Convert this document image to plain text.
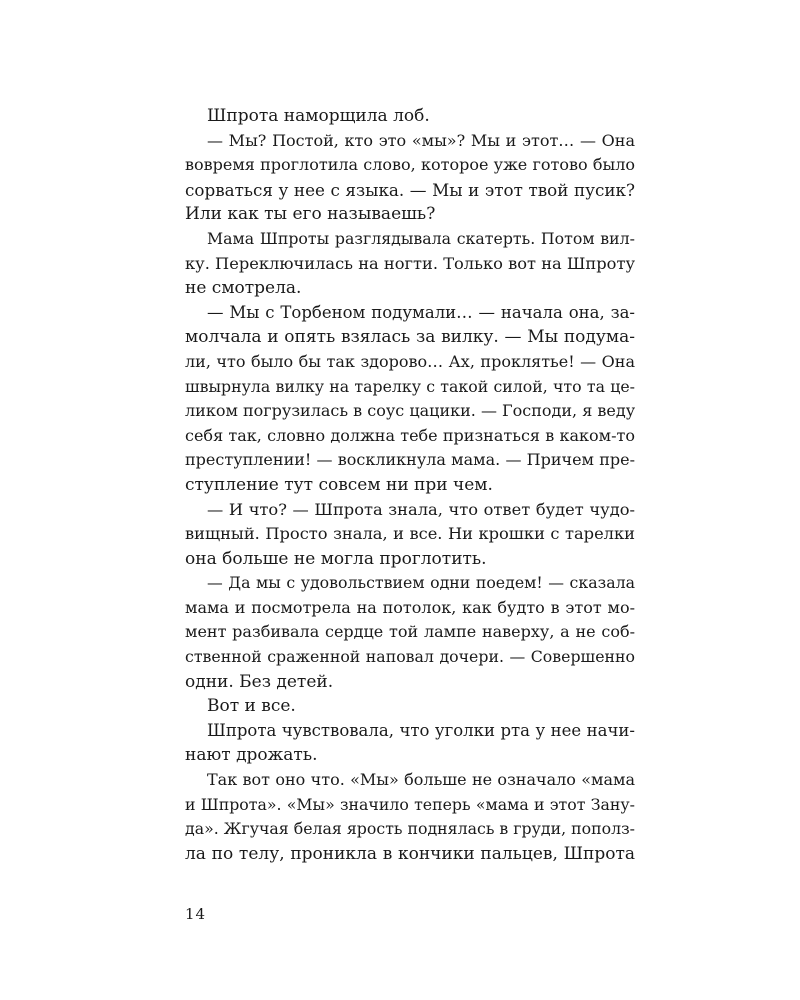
Шпрота наморщила лоб.
— Мы? Постой, кто это «мы»? Мы и этот… — Она
вовремя проглотила слово, которое уже готово было
сорваться у нее с языка. — Мы и этот твой пусик?
Или как ты его называешь?
Мама Шпроты разглядывала скатерть. Потом вил-
ку. Переключилась на ногти. Только вот на Шпроту
не смотрела.
— Мы с Торбеном подумали… — начала она, за-
молчала и опять взялась за вилку. — Мы подума-
ли, что было бы так здорово… Ах, проклятье! — Она
швырнула вилку на тарелку с такой силой, что та це-
ликом погрузилась в соус цацики. — Господи, я веду
себя так, словно должна тебе признаться в каком-то
преступлении! — воскликнула мама. — Причем пре-
ступление тут совсем ни при чем.
— И что? — Шпрота знала, что ответ будет чудо-
вищный. Просто знала, и все. Ни крошки с тарелки
она больше не могла проглотить.
— Да мы с удовольствием одни поедем! — сказала
мама и посмотрела на потолок, как будто в этот мо-
мент разбивала сердце той лампе наверху, а не соб-
ственной сраженной наповал дочери. — Совершенно
одни. Без детей.
Вот и все.
Шпрота чувствовала, что уголки рта у нее начи-
нают дрожать.
Так вот оно что. «Мы» больше не означало «мама
и Шпрота». «Мы» значило теперь «мама и этот Зану-
да». Жгучая белая ярость поднялась в груди, пополз-
ла по телу, проникла в кончики пальцев, Шпрота
14
